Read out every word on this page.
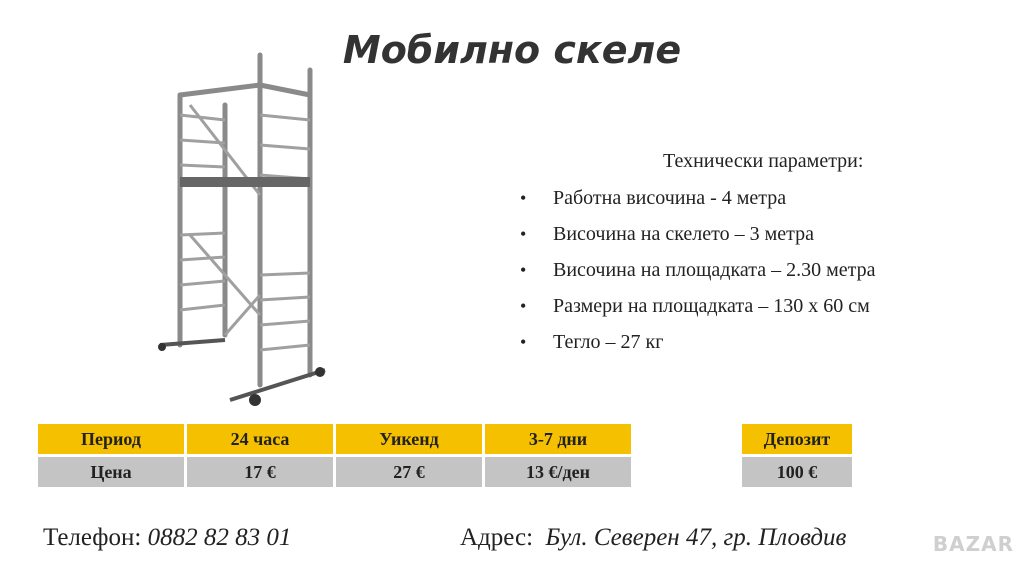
Мобилно скеле
Технически параметри:
• Работна височина - 4 метра
• Височина на скелето – 3 метра
• Височина на площадката – 2.30 метра
• Размери на площадката – 130 х 60 см
• Тегло – 27 кг
Период	24 часа	Уикенд	3-7 дни
Цена	17 €	27 €	13 €/ден
Депозит
100 €
Телефон: 0882 82 83 01	Адрес: Бул. Северен 47, гр. Пловдив	BAZAR
